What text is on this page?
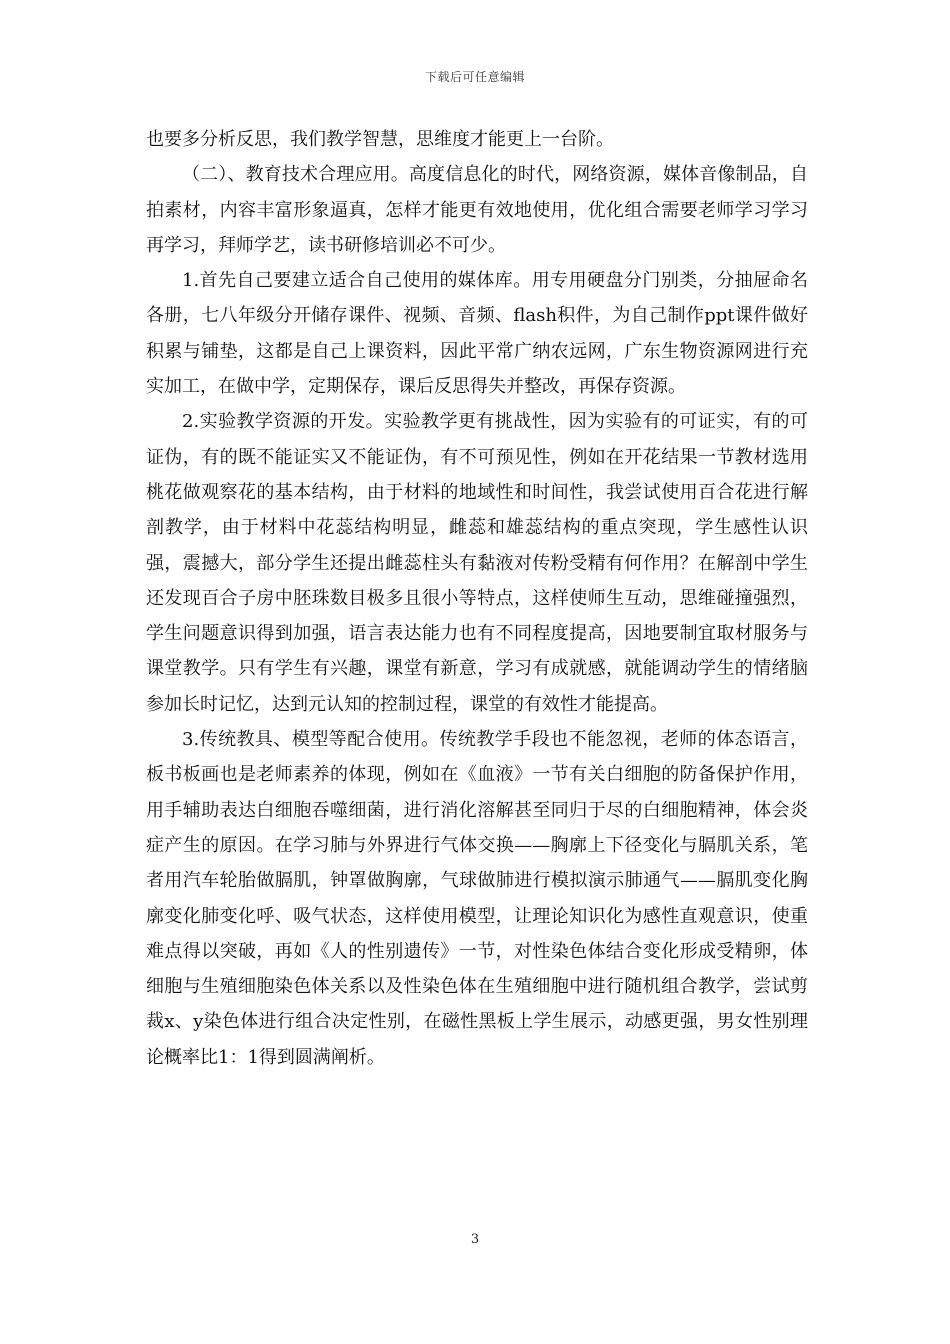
下载后可任意编辑

也要多分析反思，我们教学智慧，思维度才能更上一台阶。

（二）、教育技术合理应用。高度信息化的时代，网络资源，媒体音像制品，自拍素材，内容丰富形象逼真，怎样才能更有效地使用，优化组合需要老师学习学习再学习，拜师学艺，读书研修培训必不可少。

1.首先自己要建立适合自己使用的媒体库。用专用硬盘分门别类，分抽屉命名各册，七八年级分开储存课件、视频、音频、flash积件，为自己制作ppt课件做好积累与铺垫，这都是自己上课资料，因此平常广纳农远网，广东生物资源网进行充实加工，在做中学，定期保存，课后反思得失并整改，再保存资源。

2.实验教学资源的开发。实验教学更有挑战性，因为实验有的可证实，有的可证伪，有的既不能证实又不能证伪，有不可预见性，例如在开花结果一节教材选用桃花做观察花的基本结构，由于材料的地域性和时间性，我尝试使用百合花进行解剖教学，由于材料中花蕊结构明显，雌蕊和雄蕊结构的重点突现，学生感性认识强，震撼大，部分学生还提出雌蕊柱头有黏液对传粉受精有何作用？在解剖中学生还发现百合子房中胚珠数目极多且很小等特点，这样使师生互动，思维碰撞强烈，学生问题意识得到加强，语言表达能力也有不同程度提高，因地要制宜取材服务与课堂教学。只有学生有兴趣，课堂有新意，学习有成就感，就能调动学生的情绪脑参加长时记忆，达到元认知的控制过程，课堂的有效性才能提高。

3.传统教具、模型等配合使用。传统教学手段也不能忽视，老师的体态语言，板书板画也是老师素养的体现，例如在《血液》一节有关白细胞的防备保护作用，用手辅助表达白细胞吞噬细菌，进行消化溶解甚至同归于尽的白细胞精神，体会炎症产生的原因。在学习肺与外界进行气体交换——胸廓上下径变化与膈肌关系，笔者用汽车轮胎做膈肌，钟罩做胸廓，气球做肺进行模拟演示肺通气——膈肌变化胸廓变化肺变化呼、吸气状态，这样使用模型，让理论知识化为感性直观意识，使重难点得以突破，再如《人的性别遗传》一节，对性染色体结合变化形成受精卵，体细胞与生殖细胞染色体关系以及性染色体在生殖细胞中进行随机组合教学，尝试剪裁x、y染色体进行组合决定性别，在磁性黑板上学生展示，动感更强，男女性别理论概率比1：1得到圆满阐析。

3
